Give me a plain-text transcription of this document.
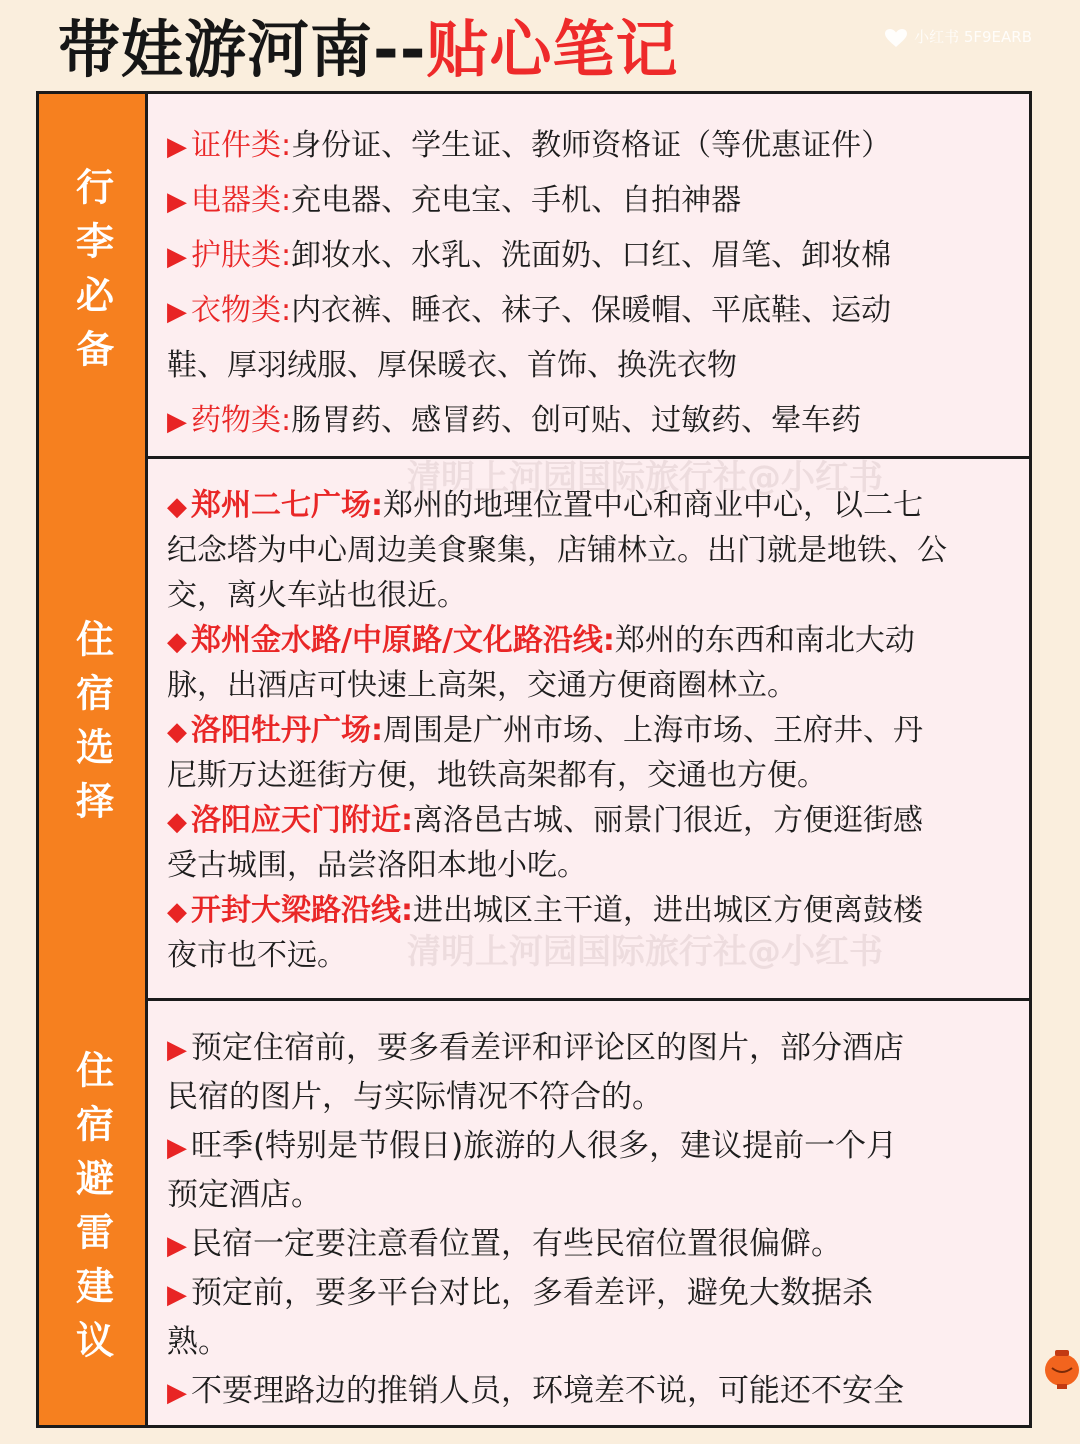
带娃游河南-- 贴心笔记	小红书 5F9EARB
行李必备
▶ 证件类:身份证、学生证、教师资格证（等优惠证件）
▶ 电器类:充电器、充电宝、手机、自拍神器
▶ 护肤类:卸妆水、水乳、洗面奶、口红、眉笔、卸妆棉
▶ 衣物类:内衣裤、睡衣、袜子、保暖帽、平底鞋、运动
鞋、厚羽绒服、厚保暖衣、首饰、换洗衣物
▶ 药物类:肠胃药、感冒药、创可贴、过敏药、晕车药
住宿选择
清明上河园国际旅行社@小红书
◆ 郑州二七广场:郑州的地理位置中心和商业中心，以二七
纪念塔为中心周边美食聚集，店铺林立。出门就是地铁、公
交，离火车站也很近。
◆ 郑州金水路/中原路/文化路沿线:郑州的东西和南北大动
脉，出酒店可快速上高架，交通方便商圈林立。
◆ 洛阳牡丹广场:周围是广州市场、上海市场、王府井、丹
尼斯万达逛街方便，地铁高架都有，交通也方便。
◆ 洛阳应天门附近:离洛邑古城、丽景门很近，方便逛街感
受古城围，品尝洛阳本地小吃。
◆ 开封大梁路沿线:进出城区主干道，进出城区方便离鼓楼
夜市也不远。 清明上河园国际旅行社@小红书
住宿避雷建议 ▶ 预定住宿前，要多看差评和评论区的图片，部分酒店
民宿的图片，与实际情况不符合的。
▶ 旺季(特别是节假日)旅游的人很多，建议提前一个月
预定酒店。
▶ 民宿一定要注意看位置，有些民宿位置很偏僻。
▶ 预定前，要多平台对比，多看差评，避免大数据杀
熟。
▶ 不要理路边的推销人员，环境差不说，可能还不安全
